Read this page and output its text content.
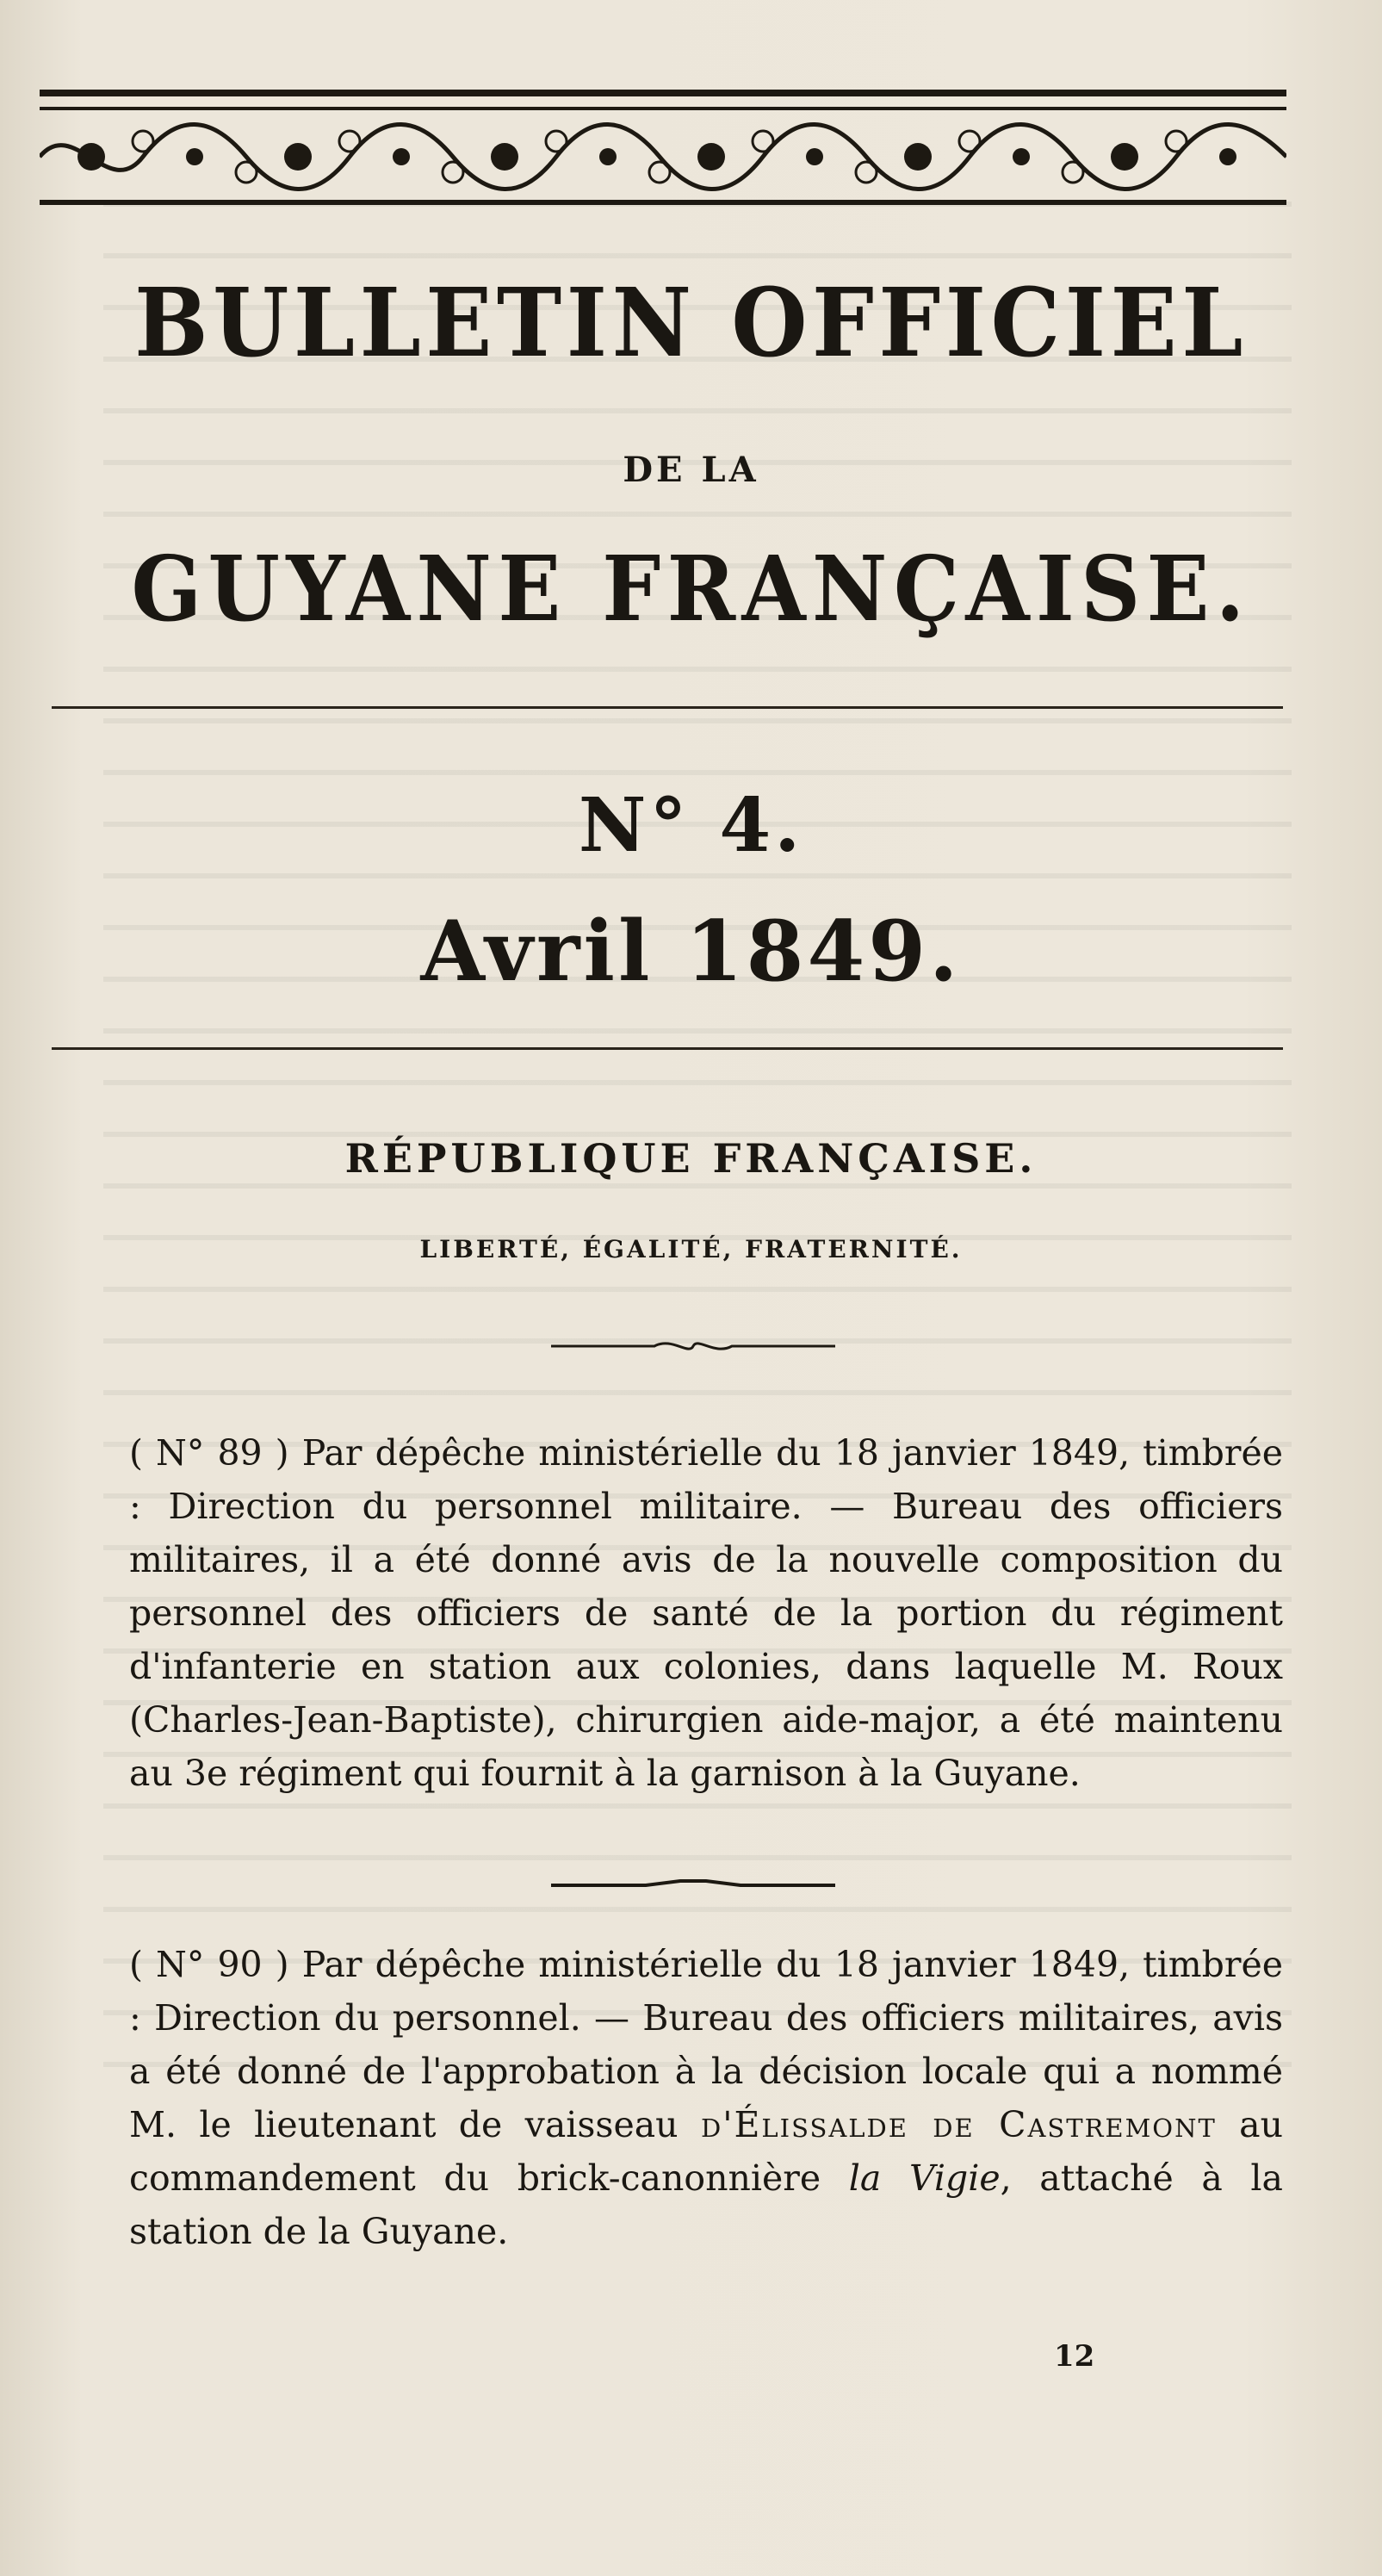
BULLETIN OFFICIEL
DE LA
GUYANE FRANÇAISE.
N° 4.
Avril 1849.
RÉPUBLIQUE FRANÇAISE.
LIBERTÉ, ÉGALITÉ, FRATERNITÉ.
( N° 89 ) Par dépêche ministérielle du 18 janvier 1849, timbrée : Direction du personnel militaire. — Bureau des officiers militaires, il a été donné avis de la nouvelle composition du personnel des officiers de santé de la portion du régiment d'infanterie en station aux colonies, dans laquelle M. Roux (Charles-Jean-Baptiste), chirurgien aide-major, a été maintenu au 3e régiment qui fournit à la garnison à la Guyane.
( N° 90 ) Par dépêche ministérielle du 18 janvier 1849, timbrée : Direction du personnel. — Bureau des officiers militaires, avis a été donné de l'approbation à la décision locale qui a nommé M. le lieutenant de vaisseau d'Élissalde de Castremont au commandement du brick-canonnière la Vigie, attaché à la station de la Guyane.
12
